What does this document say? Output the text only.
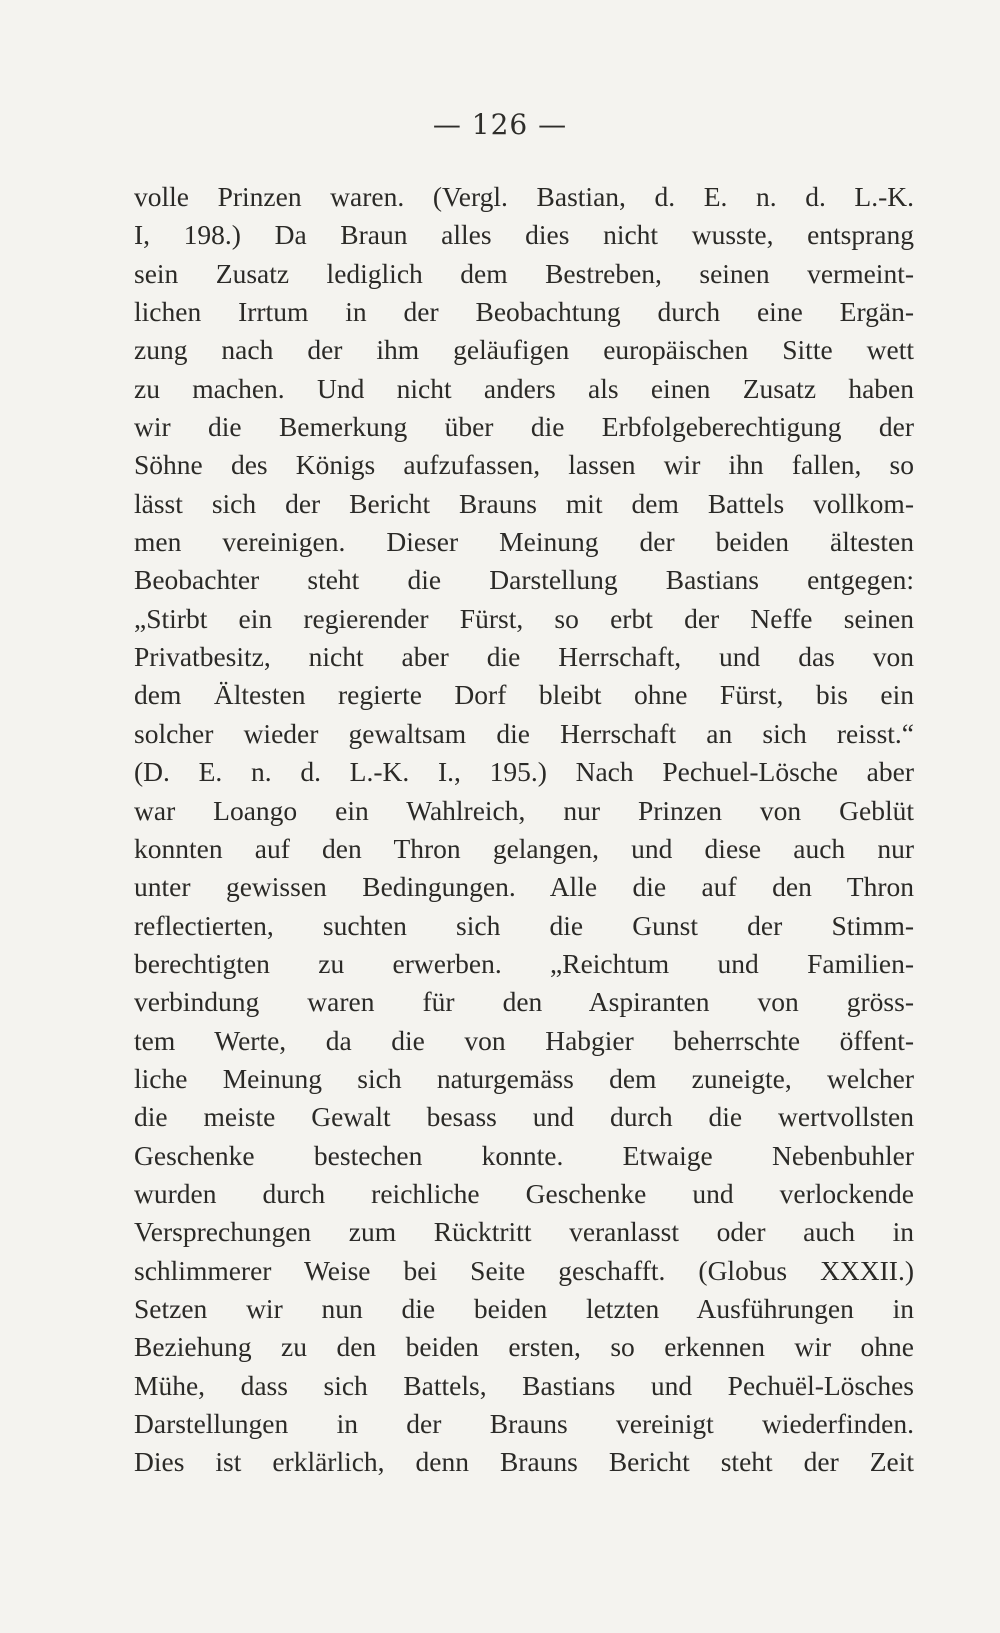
— 126 —
volle Prinzen waren. (Vergl. Bastian, d. E. n. d. L.-K.
I, 198.) Da Braun alles dies nicht wusste, entsprang
sein Zusatz lediglich dem Bestreben, seinen vermeint-
lichen Irrtum in der Beobachtung durch eine Ergän-
zung nach der ihm geläufigen europäischen Sitte wett
zu machen. Und nicht anders als einen Zusatz haben
wir die Bemerkung über die Erbfolgeberechtigung der
Söhne des Königs aufzufassen, lassen wir ihn fallen, so
lässt sich der Bericht Brauns mit dem Battels vollkom-
men vereinigen. Dieser Meinung der beiden ältesten
Beobachter steht die Darstellung Bastians entgegen:
„Stirbt ein regierender Fürst, so erbt der Neffe seinen
Privatbesitz, nicht aber die Herrschaft, und das von
dem Ältesten regierte Dorf bleibt ohne Fürst, bis ein
solcher wieder gewaltsam die Herrschaft an sich reisst.“
(D. E. n. d. L.-K. I., 195.) Nach Pechuel-Lösche aber
war Loango ein Wahlreich, nur Prinzen von Geblüt
konnten auf den Thron gelangen, und diese auch nur
unter gewissen Bedingungen. Alle die auf den Thron
reflectierten, suchten sich die Gunst der Stimm-
berechtigten zu erwerben. „Reichtum und Familien-
verbindung waren für den Aspiranten von gröss-
tem Werte, da die von Habgier beherrschte öffent-
liche Meinung sich naturgemäss dem zuneigte, welcher
die meiste Gewalt besass und durch die wertvollsten
Geschenke bestechen konnte. Etwaige Nebenbuhler
wurden durch reichliche Geschenke und verlockende
Versprechungen zum Rücktritt veranlasst oder auch in
schlimmerer Weise bei Seite geschafft. (Globus XXXII.)
Setzen wir nun die beiden letzten Ausführungen in
Beziehung zu den beiden ersten, so erkennen wir ohne
Mühe, dass sich Battels, Bastians und Pechuël-Lösches
Darstellungen in der Brauns vereinigt wiederfinden.
Dies ist erklärlich, denn Brauns Bericht steht der Zeit
